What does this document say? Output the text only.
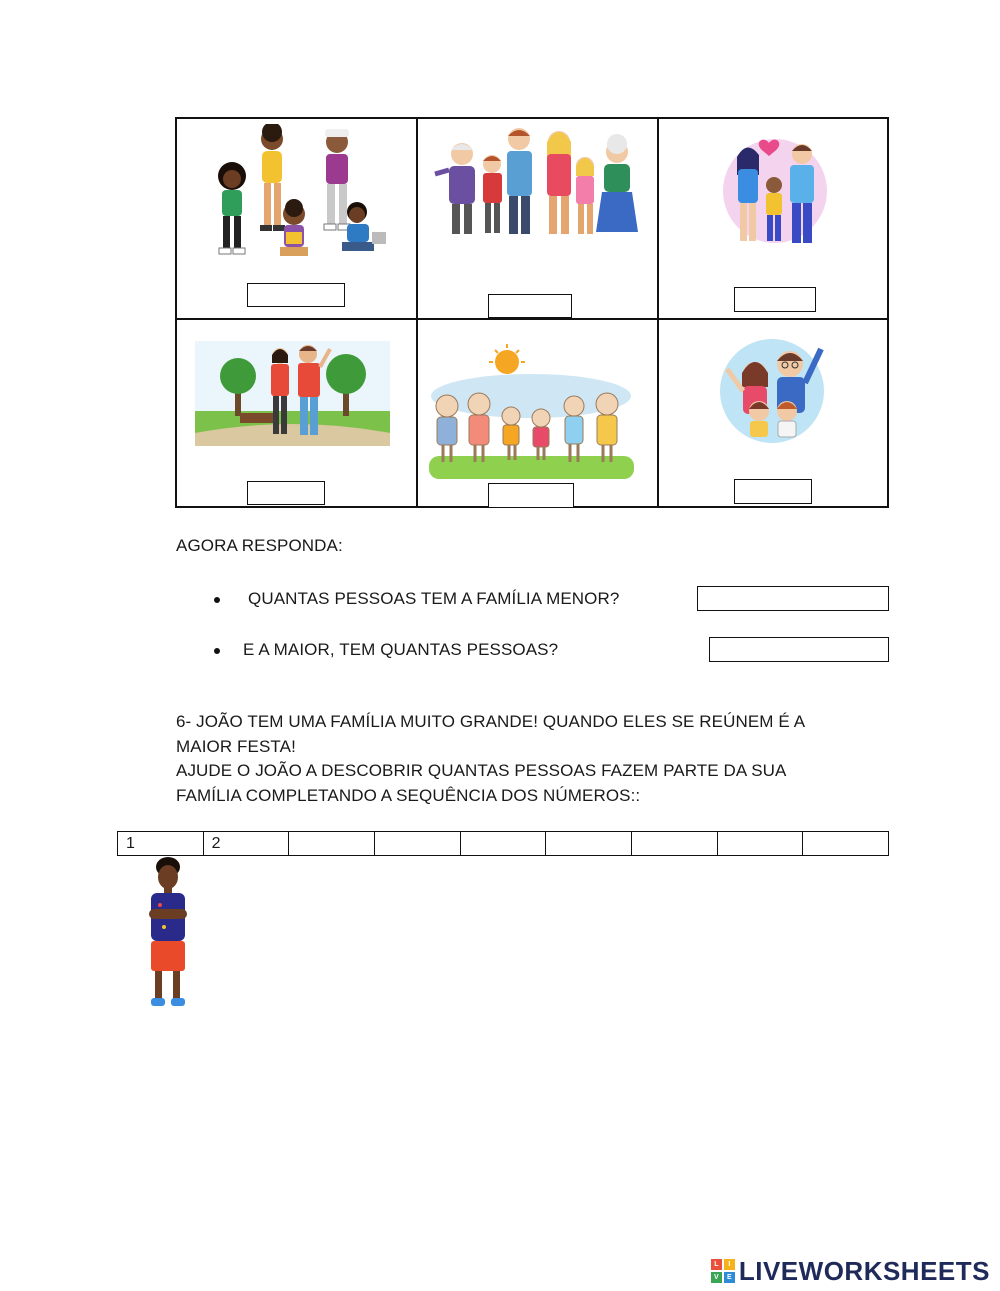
AGORA RESPONDA:
QUANTAS PESSOAS TEM A FAMÍLIA MENOR?
E A MAIOR, TEM QUANTAS PESSOAS?
6- JOÃO TEM UMA FAMÍLIA MUITO GRANDE! QUANDO ELES SE REÚNEM É A
MAIOR FESTA!
AJUDE O JOÃO A DESCOBRIR QUANTAS PESSOAS FAZEM PARTE DA SUA
FAMÍLIA COMPLETANDO A SEQUÊNCIA DOS NÚMEROS::
1	2
L	I
V	E LIVEWORKSHEETS
